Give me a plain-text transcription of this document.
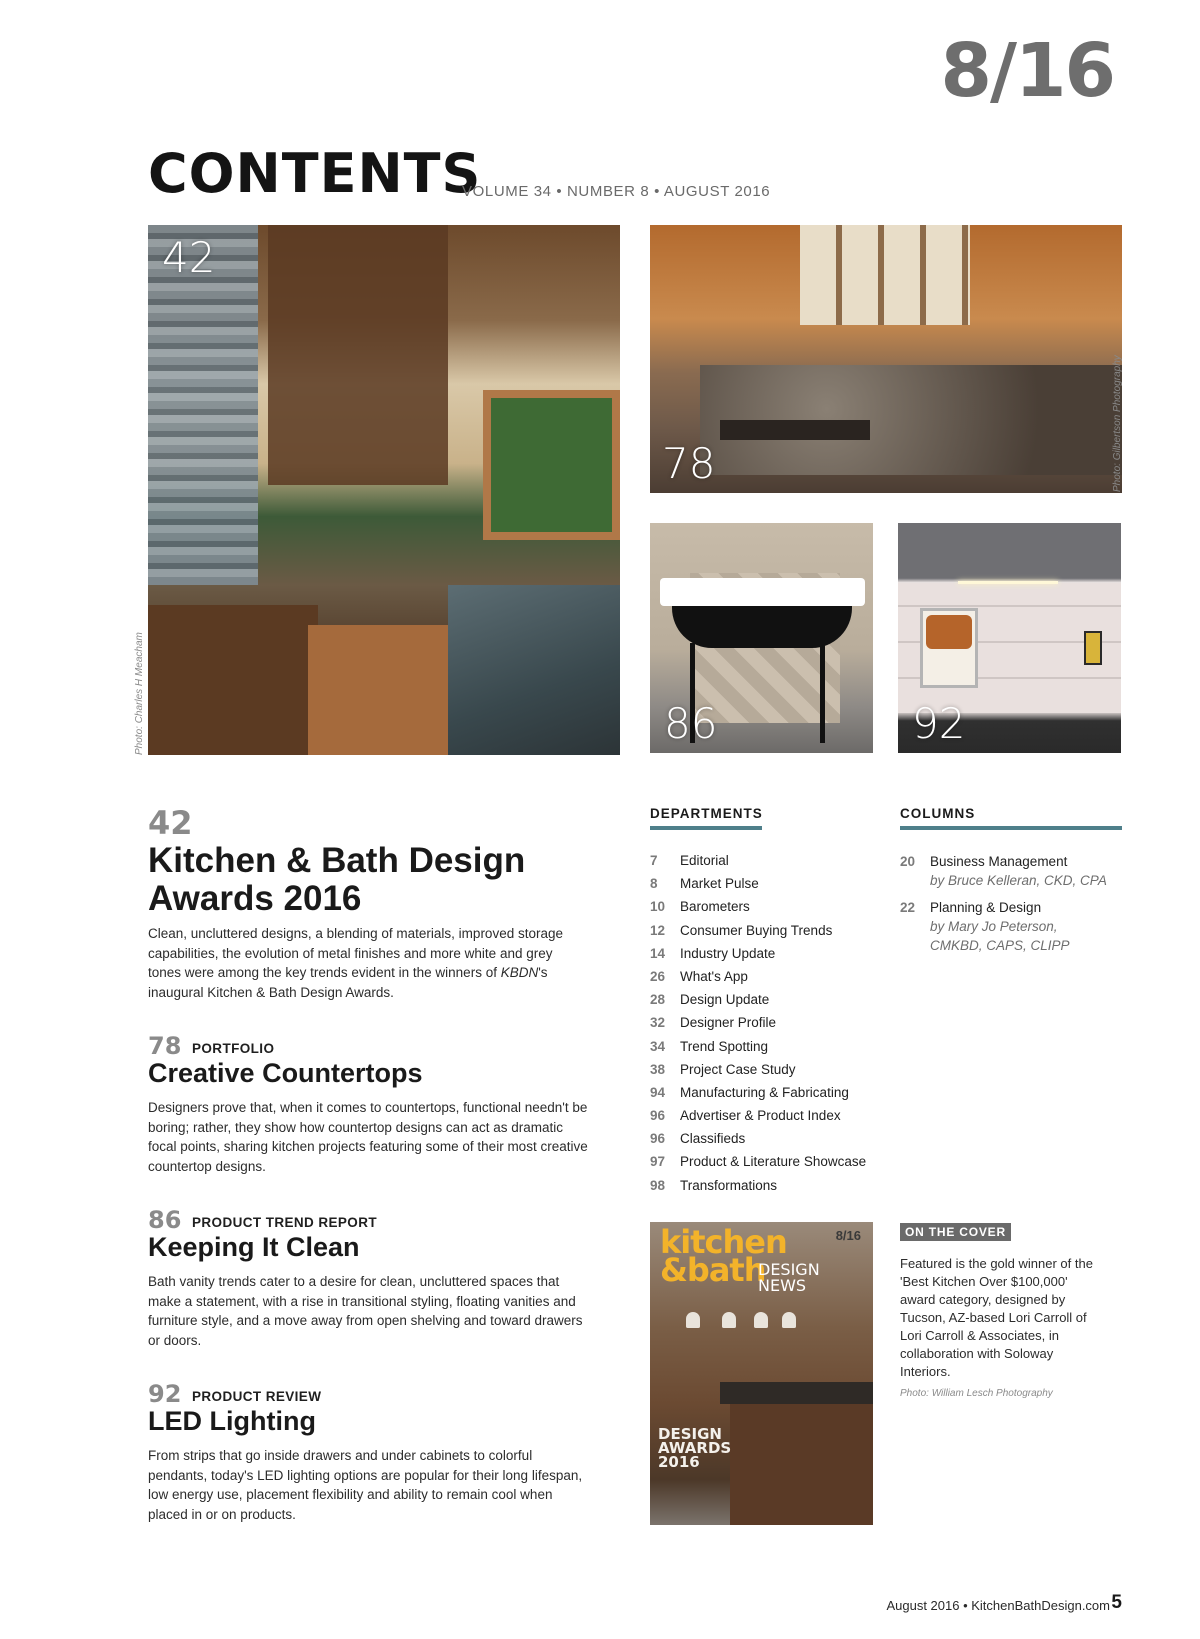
8/16
CONTENTS
VOLUME 34 • NUMBER 8 • AUGUST 2016
42
Photo: Charles H Meacham
78	Photo: Gilbertson Photography
86	92
42
Kitchen & Bath Design Awards 2016
Clean, uncluttered designs, a blending of materials, improved storage capabilities, the evolution of metal finishes and more white and grey tones were among the key trends evident in the winners of KBDN's inaugural Kitchen & Bath Design Awards.
78 PORTFOLIO
Creative Countertops
Designers prove that, when it comes to countertops, functional needn't be boring; rather, they show how countertop designs can act as dramatic focal points, sharing kitchen projects featuring some of their most creative countertop designs.
86 PRODUCT TREND REPORT
Keeping It Clean
Bath vanity trends cater to a desire for clean, uncluttered spaces that make a statement, with a rise in transitional styling, floating vanities and furniture style, and a move away from open shelving and toward drawers or doors.
92 PRODUCT REVIEW
LED Lighting
From strips that go inside drawers and under cabinets to colorful pendants, today's LED lighting options are popular for their long lifespan, low energy use, placement flexibility and ability to remain cool when placed in or on products.
DEPARTMENTS
7	Editorial
8	Market Pulse
10	Barometers
12	Consumer Buying Trends
14	Industry Update
26	What's App
28	Design Update
32	Designer Profile
34	Trend Spotting
38	Project Case Study
94	Manufacturing & Fabricating
96	Advertiser & Product Index
96	Classifieds
97	Product & Literature Showcase
98	Transformations
COLUMNS
20 Business Management
by Bruce Kelleran, CKD, CPA
22 Planning & Design
by Mary Jo Peterson, CMKBD, CAPS, CLIPP
kitchen
&bath
DESIGN NEWS
8/16
DESIGN AWARDS 2016
ON THE COVER
Featured is the gold winner of the 'Best Kitchen Over $100,000' award category, designed by Tucson, AZ-based Lori Carroll of Lori Carroll & Associates, in collaboration with Soloway Interiors.
Photo: William Lesch Photography
August 2016 • KitchenBathDesign.com 5
